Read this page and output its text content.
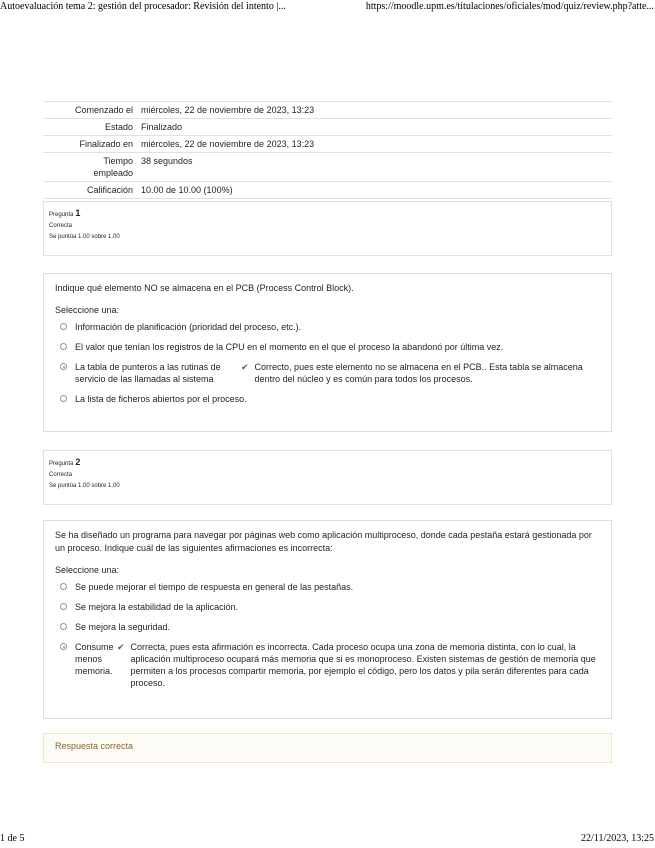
Autoevaluación tema 2: gestión del procesador: Revisión del intento |...	https://moodle.upm.es/titulaciones/oficiales/mod/quiz/review.php?atte...
Comenzado el	miércoles, 22 de noviembre de 2023, 13:23
Estado	Finalizado
Finalizado en	miércoles, 22 de noviembre de 2023, 13:23
Tiempo empleado	38 segundos
Calificación	10.00 de 10.00 (100%)
Pregunta 1
Correcta
Se puntúa 1.00 sobre 1.00

Indique qué elemento NO se almacena en el PCB (Process Control Block).

Seleccione una:

Información de planificación (prioridad del proceso, etc.).
El valor que tenían los registros de la CPU en el momento en el que el proceso la abandonó por última vez.
La tabla de punteros a las rutinas de servicio de las llamadas al sistema
✔ Correcto, pues este elemento no se almacena en el PCB.. Esta tabla se almacena dentro del núcleo y es común para todos los procesos.
La lista de ficheros abiertos por el proceso.
Pregunta 2
Correcta
Se puntúa 1.00 sobre 1.00

Se ha diseñado un programa para navegar por páginas web como aplicación multiproceso, donde cada pestaña estará gestionada por un proceso. Indique cuál de las siguientes afirmaciones es incorrecta:

Seleccione una:

Se puede mejorar el tiempo de respuesta en general de las pestañas.
Se mejora la estabilidad de la aplicación.
Se mejora la seguridad.
Consume menos memoria.
✔ Correcta, pues esta afirmación es incorrecta. Cada proceso ocupa una zona de memoria distinta, con lo cual, la aplicación multiproceso ocupará más memoria que si es monoproceso. Existen sistemas de gestión de memoria que permiten a los procesos compartir memoria, por ejemplo el código, pero los datos y pila serán diferentes para cada proceso.
Respuesta correcta
1 de 5	22/11/2023, 13:25
